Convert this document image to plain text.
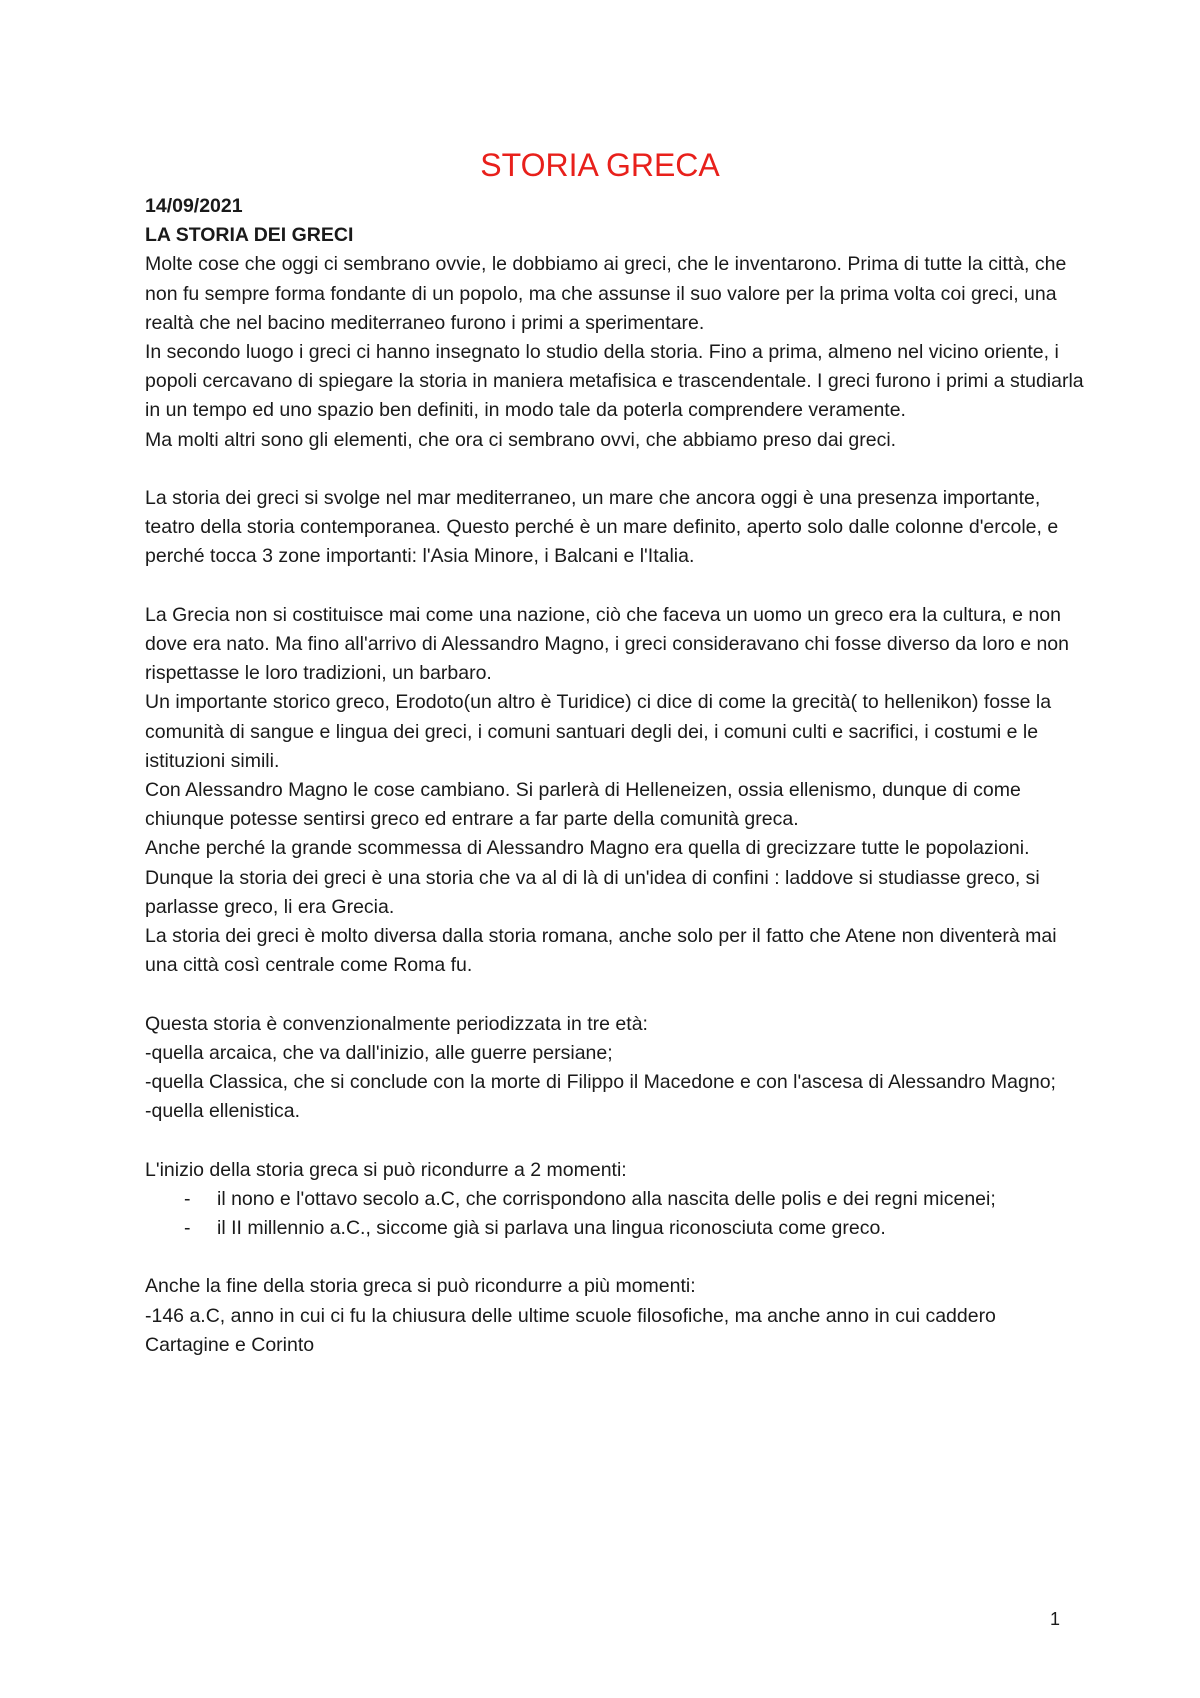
STORIA GRECA

14/09/2021

LA STORIA DEI GRECI

Molte cose che oggi ci sembrano ovvie, le dobbiamo ai greci, che le inventarono. Prima di tutte la città, che non fu sempre forma fondante di un popolo, ma che assunse il suo valore per la prima volta coi greci, una realtà che nel bacino mediterraneo furono i primi a sperimentare.

In secondo luogo i greci ci hanno insegnato lo studio della storia. Fino a prima, almeno nel vicino oriente, i popoli cercavano di spiegare la storia in maniera metafisica e trascendentale. I greci furono i primi a studiarla in un tempo ed uno spazio ben definiti, in modo tale da poterla comprendere veramente.

Ma molti altri sono gli elementi, che ora ci sembrano ovvi, che abbiamo preso dai greci.

La storia dei greci si svolge nel mar mediterraneo, un mare che ancora oggi è una presenza importante, teatro della storia contemporanea. Questo perché è un mare definito, aperto solo dalle colonne d'ercole, e perché tocca 3 zone importanti: l'Asia Minore, i Balcani e l'Italia.

La Grecia non si costituisce mai come una nazione, ciò che faceva un uomo un greco era la cultura, e non dove era nato. Ma fino all'arrivo di Alessandro Magno, i greci consideravano chi fosse diverso da loro e non rispettasse le loro tradizioni, un barbaro.

Un importante storico greco, Erodoto(un altro è Turidice) ci dice di come la grecità( to hellenikon) fosse la comunità di sangue e lingua dei greci, i comuni santuari degli dei, i comuni culti e sacrifici, i costumi e le istituzioni simili.

Con Alessandro Magno le cose cambiano. Si parlerà di Helleneizen, ossia ellenismo, dunque di come chiunque potesse sentirsi greco ed entrare a far parte della comunità greca.

Anche perché la grande scommessa di Alessandro Magno era quella di grecizzare tutte le popolazioni.

Dunque la storia dei greci è una storia che va al di là di un'idea di confini : laddove si studiasse greco, si parlasse greco, li era Grecia.

La storia dei greci è molto diversa dalla storia romana, anche solo per il fatto che Atene non diventerà mai una città così centrale come Roma fu.

Questa storia è convenzionalmente periodizzata in tre età:

-quella arcaica, che va dall'inizio, alle guerre persiane;

-quella Classica, che si conclude con la morte di Filippo il Macedone e con l'ascesa di Alessandro Magno;

-quella ellenistica.

L'inizio della storia greca si può ricondurre a 2 momenti:

- il nono e l'ottavo secolo a.C, che corrispondono alla nascita delle polis e dei regni micenei;
- il II millennio a.C., siccome già si parlava una lingua riconosciuta come greco.

Anche la fine della storia greca si può ricondurre a più momenti:

-146 a.C, anno in cui ci fu la chiusura delle ultime scuole filosofiche, ma anche anno in cui caddero Cartagine e Corinto

1
